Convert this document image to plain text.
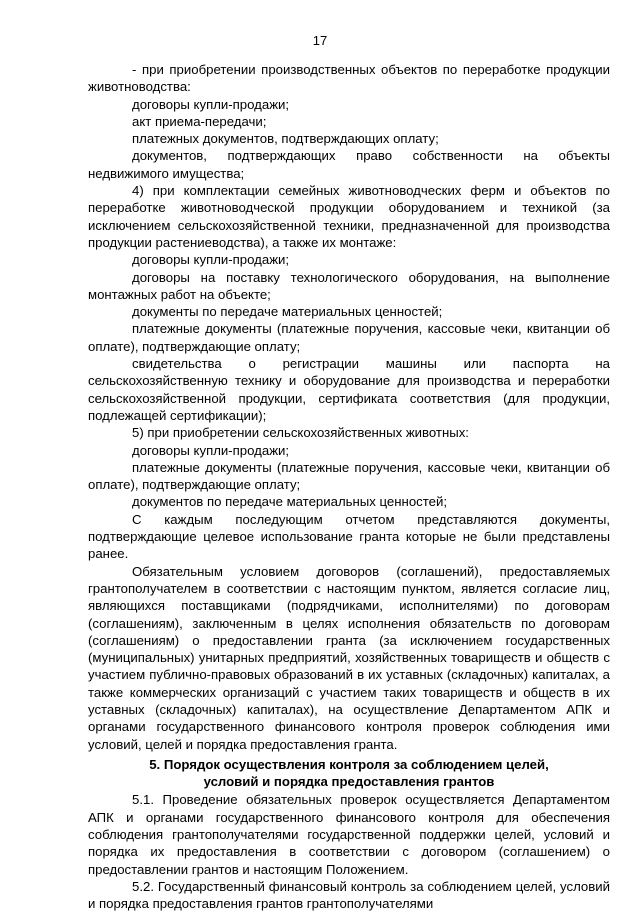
17

- при приобретении производственных объектов по переработке продукции животноводства:

договоры купли-продажи;

акт приема-передачи;

платежных документов, подтверждающих оплату;

документов, подтверждающих право собственности на объекты недвижимого имущества;

4) при комплектации семейных животноводческих ферм и объектов по переработке животноводческой продукции оборудованием и техникой (за исключением сельскохозяйственной техники, предназначенной для производства продукции растениеводства), а также их монтаже:

договоры купли-продажи;

договоры на поставку технологического оборудования, на выполнение монтажных работ на объекте;

документы по передаче материальных ценностей;

платежные документы (платежные поручения, кассовые чеки, квитанции об оплате), подтверждающие оплату;

свидетельства о регистрации машины или паспорта на сельскохозяйственную технику и оборудование для производства и переработки сельскохозяйственной продукции, сертификата соответствия (для продукции, подлежащей сертификации);

5) при приобретении сельскохозяйственных животных:

договоры купли-продажи;

платежные документы (платежные поручения, кассовые чеки, квитанции об оплате), подтверждающие оплату;

документов по передаче материальных ценностей;

С каждым последующим отчетом представляются документы, подтверждающие целевое использование гранта которые не были представлены ранее.

Обязательным условием договоров (соглашений), предоставляемых грантополучателем в соответствии с настоящим пунктом, является согласие лиц, являющихся поставщиками (подрядчиками, исполнителями) по договорам (соглашениям), заключенным в целях исполнения обязательств по договорам (соглашениям) о предоставлении гранта (за исключением государственных (муниципальных) унитарных предприятий, хозяйственных товариществ и обществ с участием публично-правовых образований в их уставных (складочных) капиталах, а также коммерческих организаций с участием таких товариществ и обществ в их уставных (складочных) капиталах), на осуществление Департаментом АПК и органами государственного финансового контроля проверок соблюдения ими условий, целей и порядка предоставления гранта.

5. Порядок осуществления контроля за соблюдением целей,
условий и порядка предоставления грантов

5.1. Проведение обязательных проверок осуществляется Департаментом АПК и органами государственного финансового контроля для обеспечения соблюдения грантополучателями государственной поддержки целей, условий и порядка их предоставления в соответствии с договором (соглашением) о предоставлении грантов и настоящим Положением.

5.2. Государственный финансовый контроль за соблюдением целей, условий и порядка предоставления грантов грантополучателями
